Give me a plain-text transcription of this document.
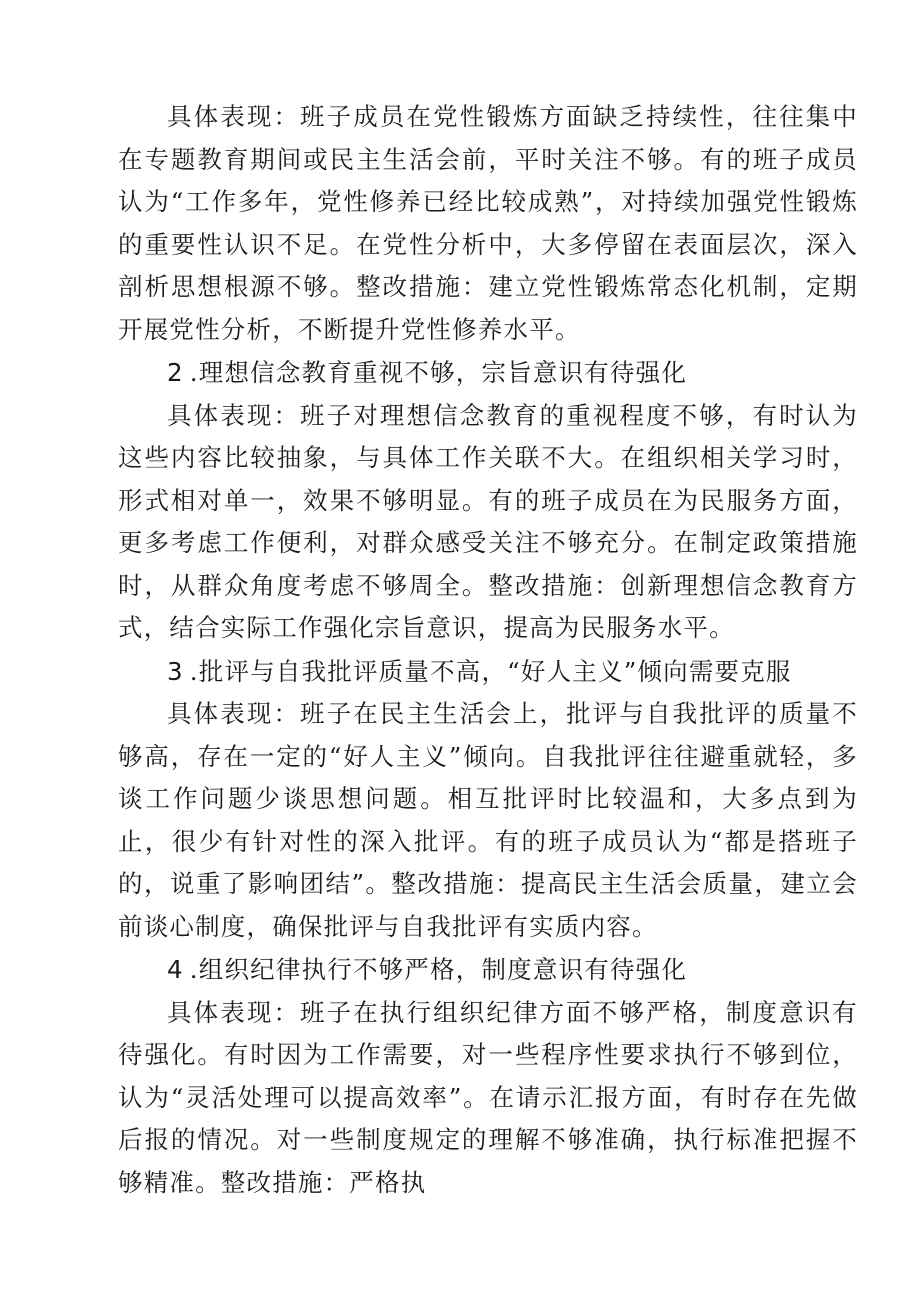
具体表现：班子成员在党性锻炼方面缺乏持续性，往往集中在专题教育期间或民主生活会前，平时关注不够。有的班子成员认为“工作多年，党性修养已经比较成熟”，对持续加强党性锻炼的重要性认识不足。在党性分析中，大多停留在表面层次，深入剖析思想根源不够。整改措施：建立党性锻炼常态化机制，定期开展党性分析，不断提升党性修养水平。

2 .理想信念教育重视不够，宗旨意识有待强化

具体表现：班子对理想信念教育的重视程度不够，有时认为这些内容比较抽象，与具体工作关联不大。在组织相关学习时，形式相对单一，效果不够明显。有的班子成员在为民服务方面，更多考虑工作便利，对群众感受关注不够充分。在制定政策措施时，从群众角度考虑不够周全。整改措施：创新理想信念教育方式，结合实际工作强化宗旨意识，提高为民服务水平。

3 .批评与自我批评质量不高，“好人主义”倾向需要克服

具体表现：班子在民主生活会上，批评与自我批评的质量不够高，存在一定的“好人主义”倾向。自我批评往往避重就轻，多谈工作问题少谈思想问题。相互批评时比较温和，大多点到为止，很少有针对性的深入批评。有的班子成员认为“都是搭班子的，说重了影响团结”。整改措施：提高民主生活会质量，建立会前谈心制度，确保批评与自我批评有实质内容。

4 .组织纪律执行不够严格，制度意识有待强化

具体表现：班子在执行组织纪律方面不够严格，制度意识有待强化。有时因为工作需要，对一些程序性要求执行不够到位，认为“灵活处理可以提高效率”。在请示汇报方面，有时存在先做后报的情况。对一些制度规定的理解不够准确，执行标准把握不够精准。整改措施：严格执
